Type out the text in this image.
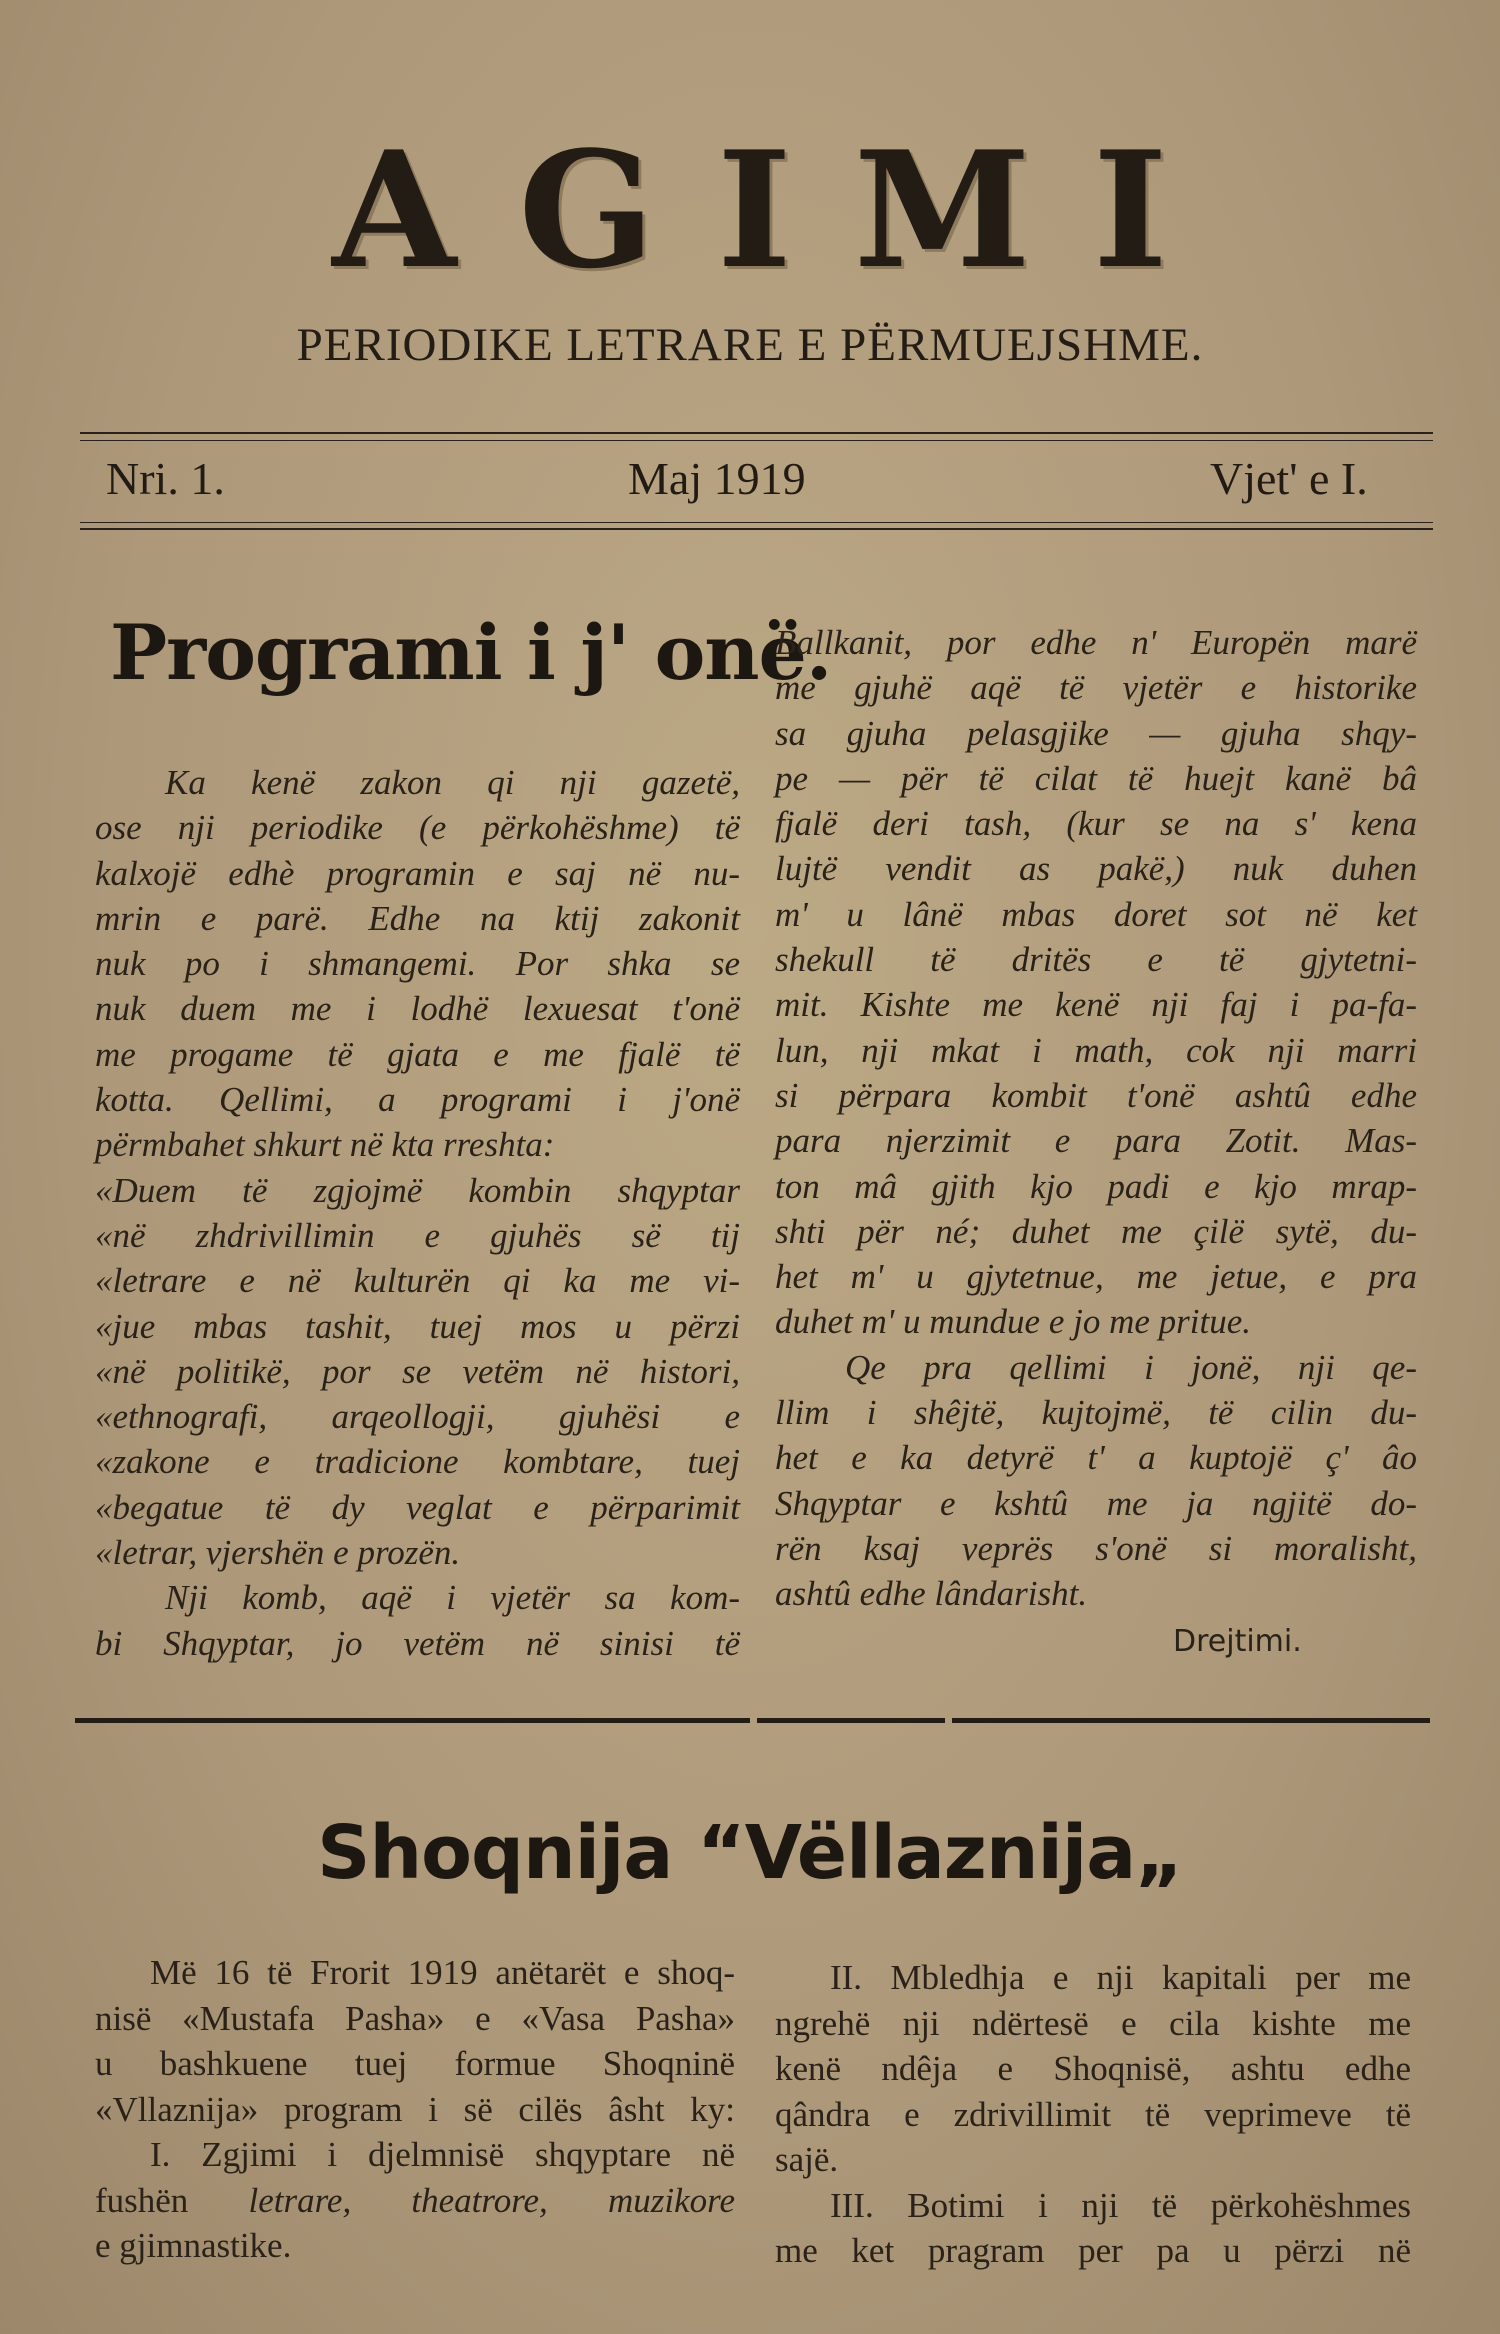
AGIMI
PERIODIKE LETRARE E PËRMUEJSHME.
Nri. 1.	Maj 1919	Vjet' e I.
Programi i j' onë.
Ka kenë zakon qi nji gazetë,
ose nji periodike (e përkohëshme) të
kalxojë edhè programin e saj në nu-
mrin e parë. Edhe na ktij zakonit
nuk po i shmangemi. Por shka se
nuk duem me i lodhë lexuesat t'onë
me progame të gjata e me fjalë të
kotta. Qellimi, a programi i j'onë
përmbahet shkurt në kta rreshta:
«Duem të zgjojmë kombin shqyptar
«në zhdrivillimin e gjuhës së tij
«letrare e në kulturën qi ka me vi-
«jue mbas tashit, tuej mos u përzi
«në politikë, por se vetëm në histori,
«ethnografi, arqeollogji, gjuhësi e
«zakone e tradicione kombtare, tuej
«begatue të dy veglat e përparimit
«letrar, vjershën e prozën.
Nji komb, aqë i vjetër sa kom-
bi Shqyptar, jo vetëm në sinisi të
Ballkanit, por edhe n' Europën marë
me gjuhë aqë të vjetër e historike
sa gjuha pelasgjike — gjuha shqy-
pe — për të cilat të huejt kanë bâ
fjalë deri tash, (kur se na s' kena
lujtë vendit as pakë,) nuk duhen
m' u lânë mbas doret sot në ket
shekull të dritës e të gjytetni-
mit. Kishte me kenë nji faj i pa-fa-
lun, nji mkat i math, cok nji marri
si përpara kombit t'onë ashtû edhe
para njerzimit e para Zotit. Mas-
ton mâ gjith kjo padi e kjo mrap-
shti për né; duhet me çilë sytë, du-
het m' u gjytetnue, me jetue, e pra
duhet m' u mundue e jo me pritue.
Qe pra qellimi i jonë, nji qe-
llim i shêjtë, kujtojmë, të cilin du-
het e ka detyrë t' a kuptojë ç' âo
Shqyptar e kshtû me ja ngjitë do-
rën ksaj veprës s'onë si moralisht,
ashtû edhe lândarisht.
Drejtimi.
Shoqnija “Vëllaznija„
Më 16 të Frorit 1919 anëtarët e shoq-
nisë «Mustafa Pasha» e «Vasa Pasha»
u bashkuene tuej formue Shoqninë
«Vllaznija» program i së cilës âsht ky:
I. Zgjimi i djelmnisë shqyptare në
fushën letrare, theatrore, muzikore
e gjimnastike.
II. Mbledhja e nji kapitali per me
ngrehë nji ndërtesë e cila kishte me
kenë ndêja e Shoqnisë, ashtu edhe
qândra e zdrivillimit të veprimeve të
sajë.
III. Botimi i nji të përkohëshmes
me ket pragram per pa u përzi në
